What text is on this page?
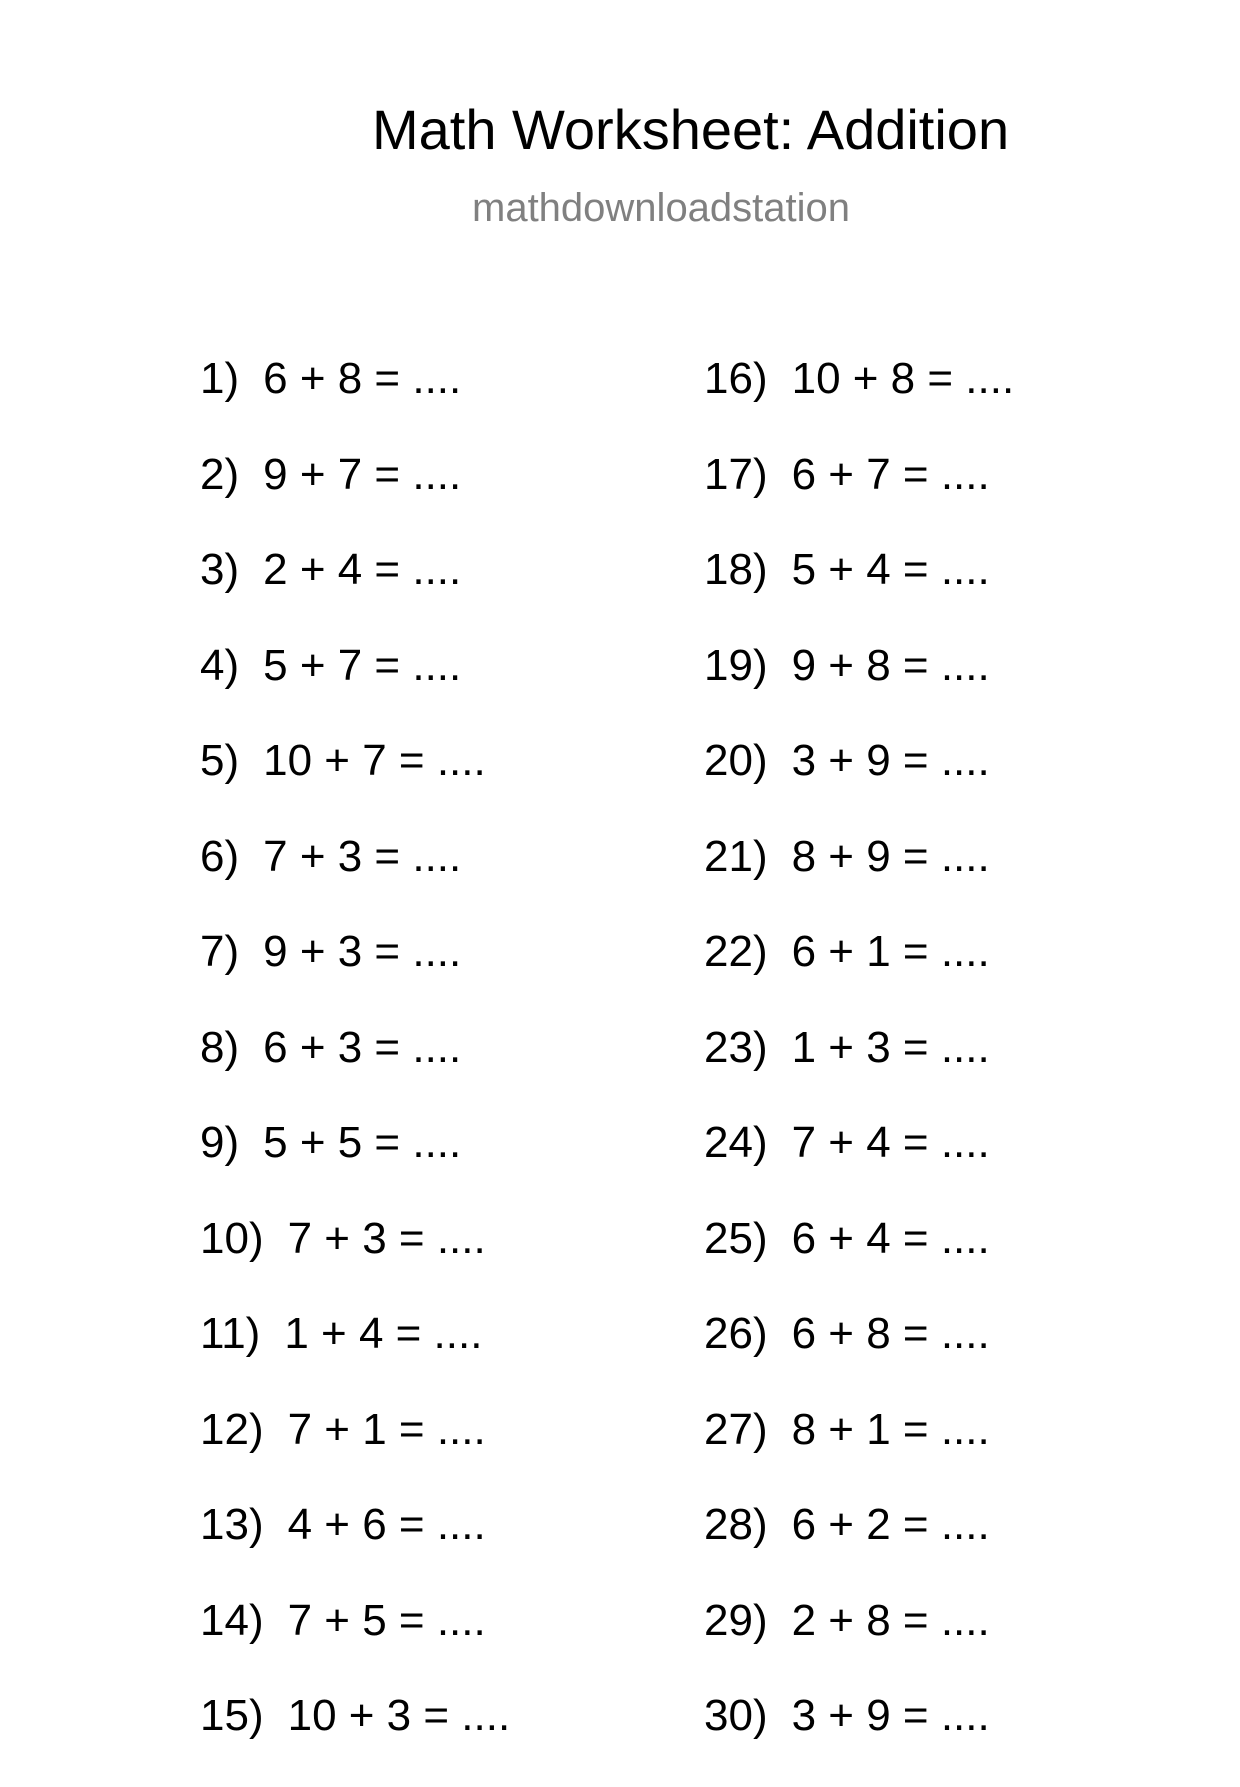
Math Worksheet: Addition
mathdownloadstation
1) 6 + 8 = ....
2) 9 + 7 = ....
3) 2 + 4 = ....
4) 5 + 7 = ....
5) 10 + 7 = ....
6) 7 + 3 = ....
7) 9 + 3 = ....
8) 6 + 3 = ....
9) 5 + 5 = ....
10) 7 + 3 = ....
11) 1 + 4 = ....
12) 7 + 1 = ....
13) 4 + 6 = ....
14) 7 + 5 = ....
15) 10 + 3 = ....
16) 10 + 8 = ....
17) 6 + 7 = ....
18) 5 + 4 = ....
19) 9 + 8 = ....
20) 3 + 9 = ....
21) 8 + 9 = ....
22) 6 + 1 = ....
23) 1 + 3 = ....
24) 7 + 4 = ....
25) 6 + 4 = ....
26) 6 + 8 = ....
27) 8 + 1 = ....
28) 6 + 2 = ....
29) 2 + 8 = ....
30) 3 + 9 = ....
